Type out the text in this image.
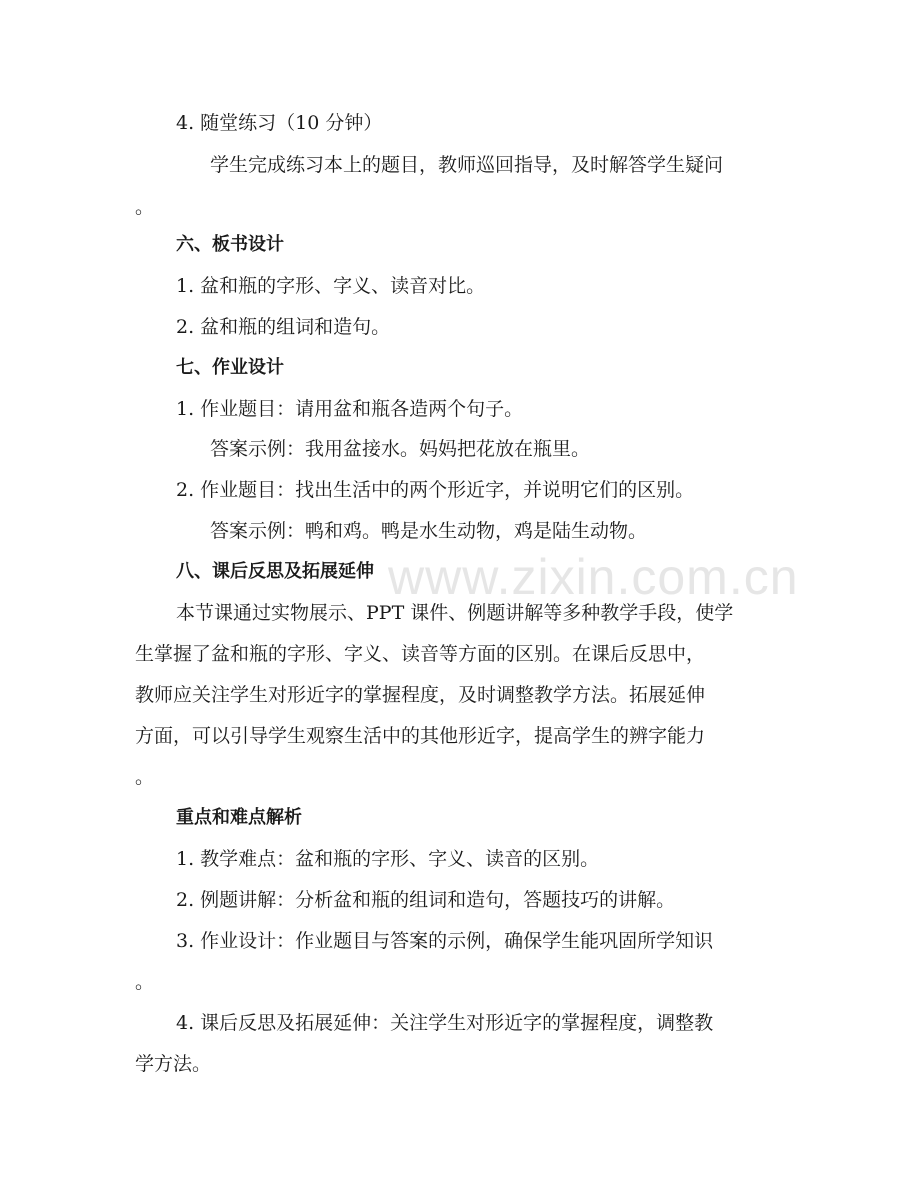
www.zixin.com.cn
4. 随堂练习（10 分钟）
学生完成练习本上的题目，教师巡回指导，及时解答学生疑问
。
六、板书设计
1. 盆和瓶的字形、字义、读音对比。
2. 盆和瓶的组词和造句。
七、作业设计
1. 作业题目：请用盆和瓶各造两个句子。
答案示例：我用盆接水。妈妈把花放在瓶里。
2. 作业题目：找出生活中的两个形近字，并说明它们的区别。
答案示例：鸭和鸡。鸭是水生动物，鸡是陆生动物。
八、课后反思及拓展延伸
本节课通过实物展示、PPT 课件、例题讲解等多种教学手段，使学
生掌握了盆和瓶的字形、字义、读音等方面的区别。在课后反思中，
教师应关注学生对形近字的掌握程度，及时调整教学方法。拓展延伸
方面，可以引导学生观察生活中的其他形近字，提高学生的辨字能力
。
重点和难点解析
1. 教学难点：盆和瓶的字形、字义、读音的区别。
2. 例题讲解：分析盆和瓶的组词和造句，答题技巧的讲解。
3. 作业设计：作业题目与答案的示例，确保学生能巩固所学知识
。
4. 课后反思及拓展延伸：关注学生对形近字的掌握程度，调整教
学方法。
